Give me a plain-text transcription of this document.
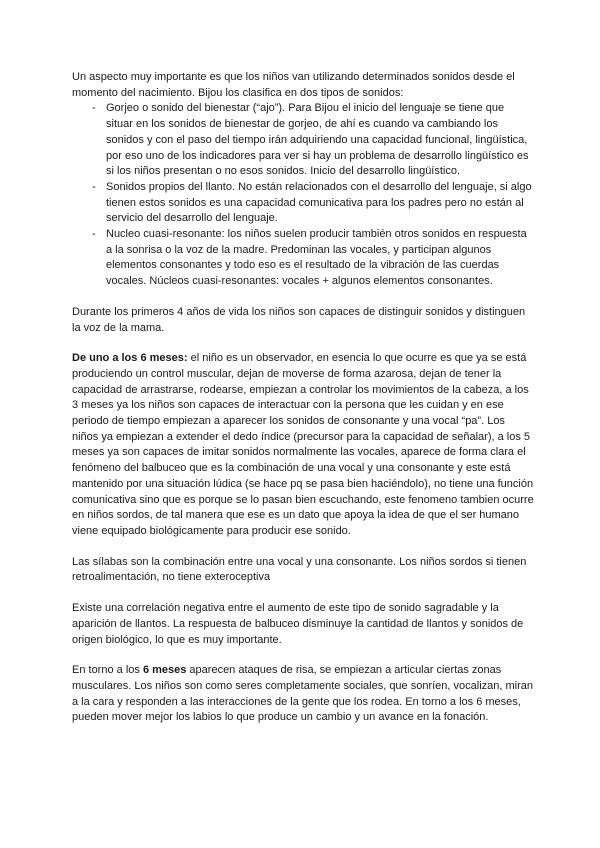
Un aspecto muy importante es que los niños van utilizando determinados sonidos desde el momento del nacimiento. Bijou los clasifica en dos tipos de sonidos:

- Gorjeo o sonido del bienestar (“ajo”). Para Bijou el inicio del lenguaje se tiene que situar en los sonidos de bienestar de gorjeo, de ahí es cuando va cambiando los sonidos y con el paso del tiempo irán adquiriendo una capacidad funcional, lingüística, por eso uno de los indicadores para ver si hay un problema de desarrollo lingüístico es si los niños presentan o no esos sonidos. Inicio del desarrollo lingüístico.
- Sonidos propios del llanto. No están relacionados con el desarrollo del lenguaje, si algo tienen estos sonidos es una capacidad comunicativa para los padres pero no están al servicio del desarrollo del lenguaje.
- Nucleo cuasi-resonante: los niños suelen producir también otros sonidos en respuesta a la sonrisa o la voz de la madre. Predominan las vocales, y participan algunos elementos consonantes y todo eso es el resultado de la vibración de las cuerdas vocales. Núcleos cuasi-resonantes: vocales + algunos elementos consonantes.

Durante los primeros 4 años de vida los niños son capaces de distinguir sonidos y distinguen la voz de la mama.

De uno a los 6 meses: el niño es un observador, en esencia lo que ocurre es que ya se está produciendo un control muscular, dejan de moverse de forma azarosa, dejan de tener la capacidad de arrastrarse, rodearse, empiezan a controlar los movimientos de la cabeza, a los 3 meses ya los niños son capaces de interactuar con la persona que les cuidan y en ese periodo de tiempo empiezan a aparecer los sonidos de consonante y una vocal “pa”. Los niños ya empiezan a extender el dedo índice (precursor para la capacidad de señalar), a los 5 meses ya son capaces de imitar sonidos normalmente las vocales, aparece de forma clara el fenómeno del balbuceo que es la combinación de una vocal y una consonante y este está mantenido por una situación lúdica (se hace pq se pasa bien haciéndolo), no tiene una función comunicativa sino que es porque se lo pasan bien escuchando, este fenomeno tambien ocurre en niños sordos, de tal manera que ese es un dato que apoya la idea de que el ser humano viene equipado biológicamente para producir ese sonido.

Las sílabas son la combinación entre una vocal y una consonante. Los niños sordos si tienen retroalimentación, no tiene exteroceptiva

Existe una correlación negativa entre el aumento de este tipo de sonido sagradable y la aparición de llantos. La respuesta de balbuceo disminuye la cantidad de llantos y sonidos de origen biológico, lo que es muy importante.

En torno a los 6 meses aparecen ataques de risa, se empiezan a articular ciertas zonas musculares. Los niños son como seres completamente sociales, que sonríen, vocalizan, miran a la cara y responden a las interacciones de la gente que los rodea. En torno a los 6 meses, pueden mover mejor los labios lo que produce un cambio y un avance en la fonación.
